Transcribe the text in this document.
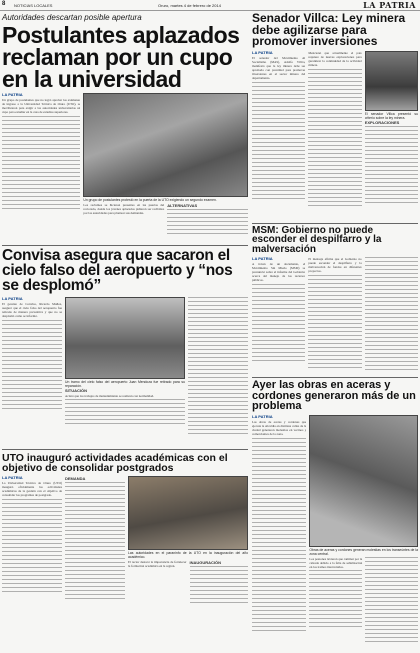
8 NOTICIAS LOCALES	Oruro, martes 4 de febrero de 2014	LA PATRIA
Autoridades descartan posible apertura
Postulantes aplazados reclaman por un cupo en la universidad
LA PATRIA
Un grupo de postulantes que no logró aprobar los exámenes de ingreso a la Universidad Técnica de Oruro (UTO), se movilizaron para exigir a las autoridades universitarias un cupo para estudiar en la casa de estudios superiores.
Un grupo de postulantes protestó en la puerta de la UTO exigiendo un segundo examen.
Los reclamos se hicieron presentes en las puertas del rectorado, donde los jóvenes aplazados pidieron ser recibidos por las autoridades para plantear sus demandas.
ALTERNATIVAS
Convisa asegura que sacaron el cielo falso del aeropuerto y “nos se desplomó”
LA PATRIA
El gerente de Convisa, Ricardo Muñoz, aseguró que el cielo falso del aeropuerto fue retirado de manera preventiva y que no se desplomó como se informó.
Un tramo del cielo falso del aeropuerto Juan Mendoza fue retirado para su reparación.
SITUACIÓN
Aclaró que los trabajos de mantenimiento se realizan con normalidad.
UTO inauguró actividades académicas con el objetivo de consolidar postgrados
LA PATRIA
La Universidad Técnica de Oruro (UTO) inauguró oficialmente las actividades académicas de la gestión con el objetivo de consolidar los programas de postgrado.
DEMANDA
Las autoridades en el paraninfo de la UTO en la inauguración del año académico.
El rector destacó la importancia de fortalecer la formación académica en la región.
INAUGURACIÓN
Senador Villca: Ley minera debe agilizarse para promover inversiones
LA PATRIA
El senador del Movimiento Al Socialismo (MAS), Adolfo Villca, manifestó que la ley minera debe ser aprobada con prontitud para promover inversiones en el sector minero del departamento.
Mencionó que actualmente el país requiere de nuevas exploraciones para garantizar la continuidad de la actividad minera.
El senador Villca presentó su criterio sobre la ley minera.
EXPLORACIONES
MSM: Gobierno no puede esconder el despilfarro y la malversación
LA PATRIA
A través de un documento, el Movimiento Sin Miedo (MSM) se pronunció sobre el informe del Gobierno acerca del manejo de los recursos públicos.
El mensaje afirma que el Gobierno no puede esconder el despilfarro y la malversación de fondos en diferentes proyectos.
Ayer las obras en aceras y cordones generaron más de un problema
LA PATRIA
Las obras de aceras y cordones que ejecuta la Alcaldía en distintas calles de la ciudad generaron molestias en vecinos y comerciantes de la zona.
Obras de aceras y cordones generan molestias en los transeúntes de la zona central.
Los peatones tuvieron que caminar por la calzada debido a la falta de señalización en los tramos intervenidos.
